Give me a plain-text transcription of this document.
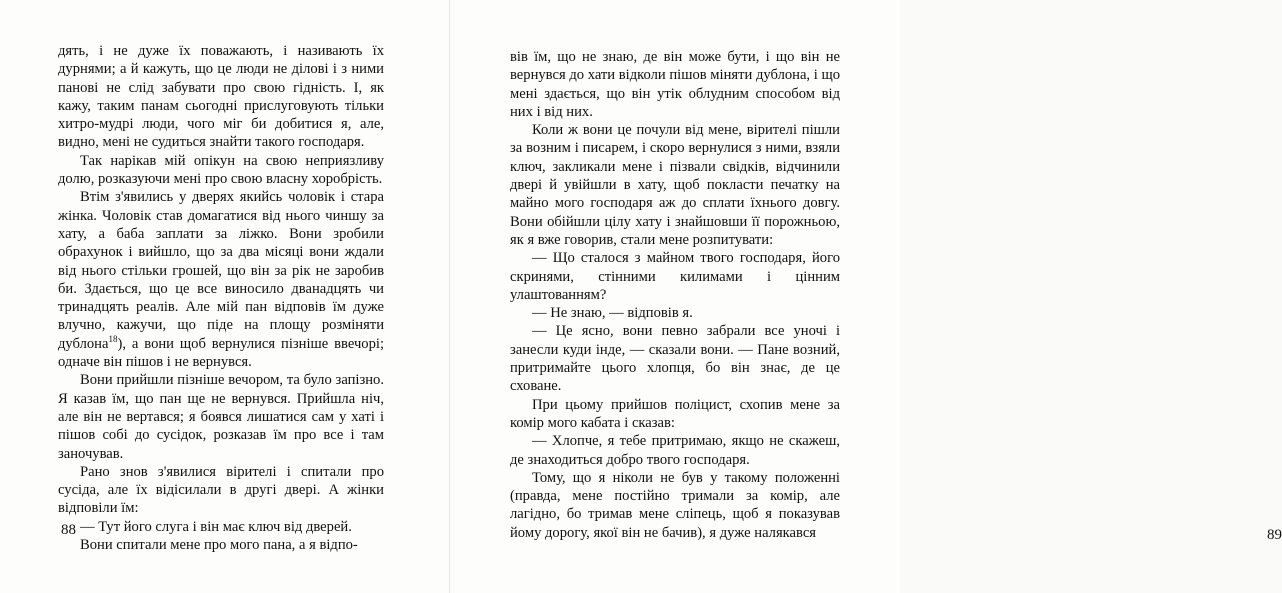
дять, і не дуже їх поважають, і називають їх дурнями; а й кажуть, що це люди не ділові і з ними панові не слід забувати про свою гідність. І, як кажу, таким панам сьогодні прислуговують тільки хитро-мудрі люди, чого міг би добитися я, але, видно, мені не судиться знайти такого господаря.

Так нарікав мій опікун на свою неприязливу долю, розказуючи мені про свою власну хоробрість.

Втім з'явились у дверях якийсь чоловік і стара жінка. Чоловік став домагатися від нього чиншу за хату, а баба заплати за ліжко. Вони зробили обрахунок і вийшло, що за два місяці вони ждали від нього стільки грошей, що він за рік не заробив би. Здається, що це все виносило дванадцять чи тринадцять реалів. Але мій пан відповів їм дуже влучно, кажучи, що піде на площу розміняти дублона$^{18}$), а вони щоб вернулися пізніше ввечорі; одначе він пішов і не вернувся.

Вони прийшли пізніше вечором, та було запізно. Я казав їм, що пан ще не вернувся. Прийшла ніч, але він не вертався; я боявся лишатися сам у хаті і пішов собі до сусідок, розказав їм про все і там заночував.

Рано знов з'явилися вірителі і спитали про сусіда, але їх відісилали в другі двері. А жінки відповіли їм:

— Тут його слуга і він має ключ від дверей.

Вони спитали мене про мого пана, а я відпо-

88

вів їм, що не знаю, де він може бути, і що він не вернувся до хати відколи пішов міняти дублона, і що мені здається, що він утік облудним способом від них і від них.

Коли ж вони це почули від мене, вірителі пішли за возним і писарем, і скоро вернулися з ними, взяли ключ, закликали мене і пізвали свідків, відчинили двері й увійшли в хату, щоб покласти печатку на майно мого господаря аж до сплати їхнього довгу. Вони обійшли цілу хату і знайшовши її порожньою, як я вже говорив, стали мене розпитувати:

— Що сталося з майном твого господаря, його скринями, стінними килимами і цінним улаштованням?

— Не знаю, — відповів я.

— Це ясно, вони певно забрали все уночі і занесли куди інде, — сказали вони. — Пане возний, притримайте цього хлопця, бо він знає, де це сховане.

При цьому прийшов поліцист, схопив мене за комір мого кабата і сказав:

— Хлопче, я тебе притримаю, якщо не скажеш, де знаходиться добро твого господаря.

Тому, що я ніколи не був у такому положенні (правда, мене постійно тримали за комір, але лагідно, бо тримав мене сліпець, щоб я показував йому дорогу, якої він не бачив), я дуже налякався	89
